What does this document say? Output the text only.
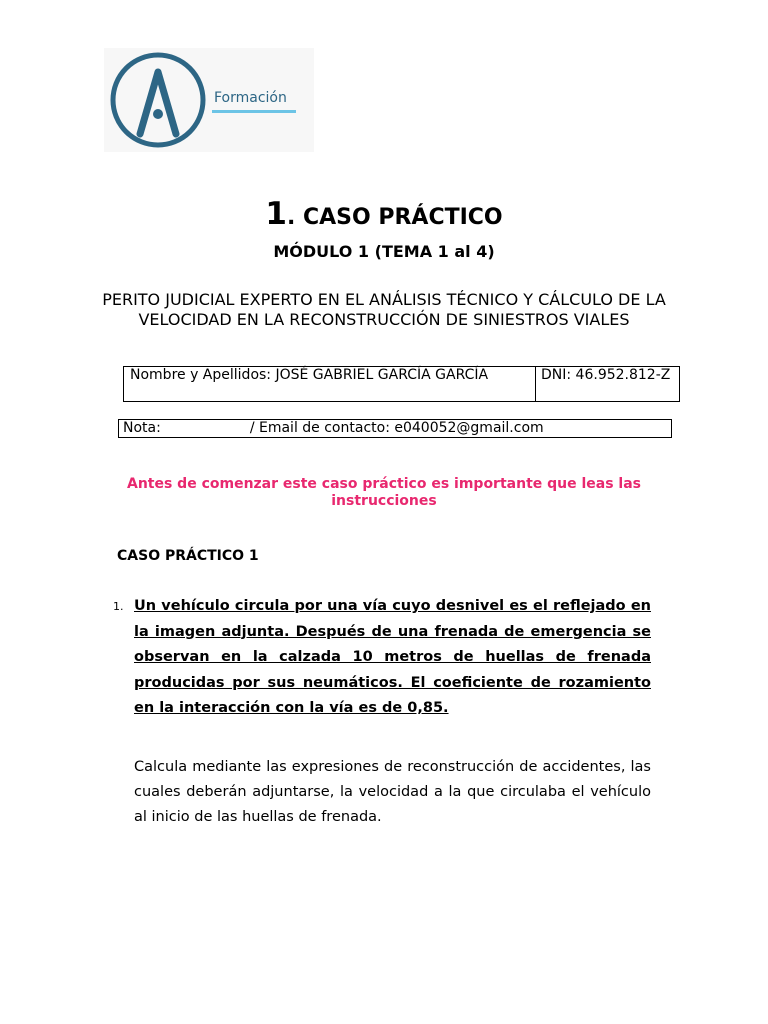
Formación
1. CASO PRÁCTICO
MÓDULO 1 (TEMA 1 al 4)
PERITO JUDICIAL EXPERTO EN EL ANÁLISIS TÉCNICO Y CÁLCULO DE LA VELOCIDAD EN LA RECONSTRUCCIÓN DE SINIESTROS VIALES
Nombre y Apellidos: JOSÉ GABRIEL GARCÍA GARCÍA	DNI: 46.952.812-Z
Nota:                    / Email de contacto: e040052@gmail.com
Antes de comenzar este caso práctico es importante que leas las instrucciones
CASO PRÁCTICO 1
1. Un vehículo circula por una vía cuyo desnivel es el reflejado en la imagen adjunta. Después de una frenada de emergencia se observan en la calzada 10 metros de huellas de frenada producidas por sus neumáticos. El coeficiente de rozamiento en la interacción con la vía es de 0,85.
Calcula mediante las expresiones de reconstrucción de accidentes, las cuales deberán adjuntarse, la velocidad a la que circulaba el vehículo al inicio de las huellas de frenada.
